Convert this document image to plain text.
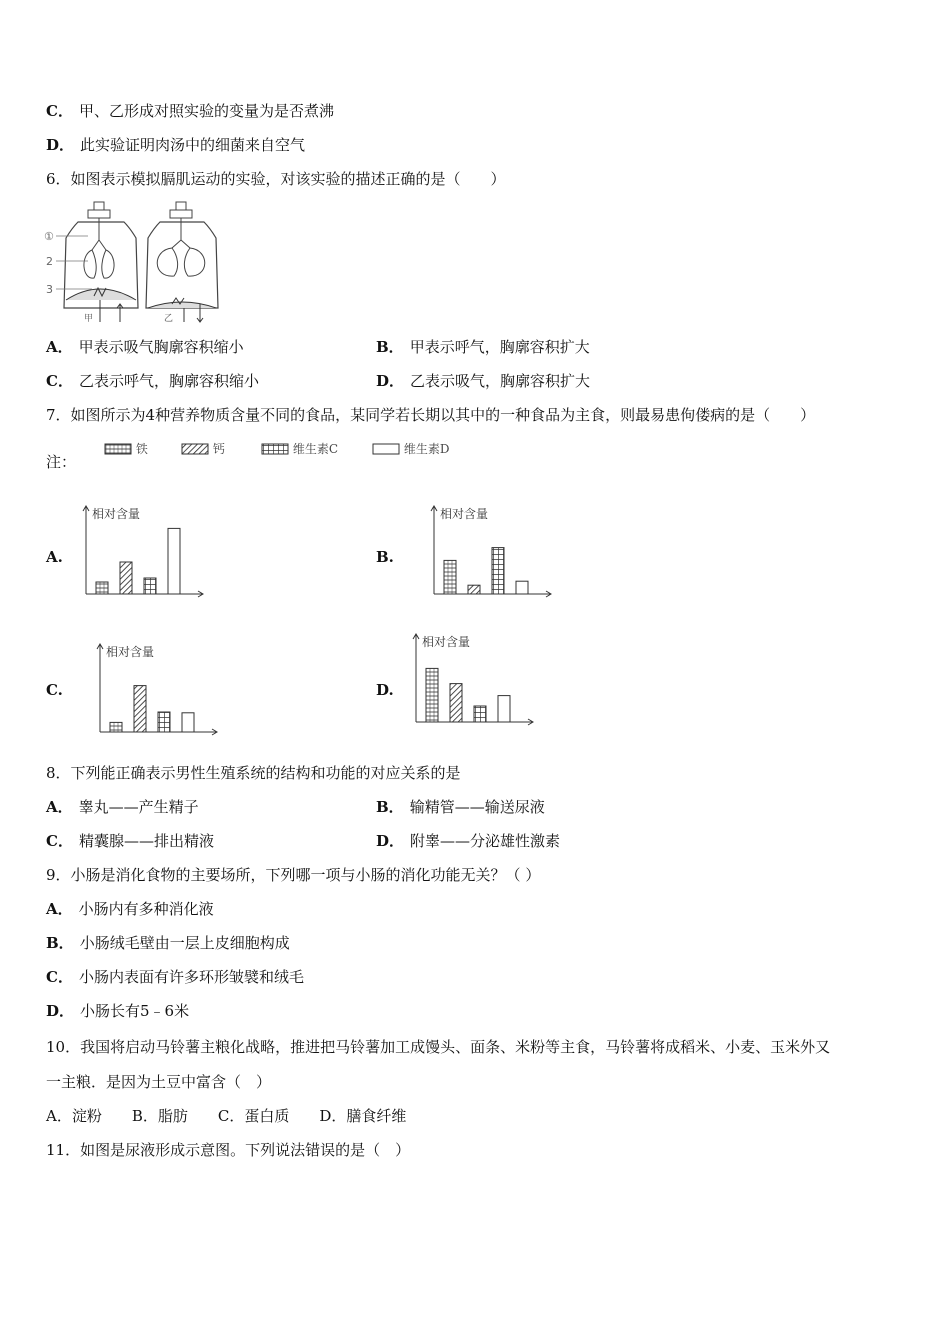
C． 甲、乙形成对照实验的变量为是否煮沸
D． 此实验证明肉汤中的细菌来自空气
6．如图表示模拟膈肌运动的实验，对该实验的描述正确的是（　　）
甲	乙
①
2
3
A． 甲表示吸气胸廓容积缩小	B． 甲表示呼气，胸廓容积扩大
C． 乙表示呼气，胸廓容积缩小	D． 乙表示吸气，胸廓容积扩大
7．如图所示为4种营养物质含量不同的食品，某同学若长期以其中的一种食品为主食，则最易患佝偻病的是（　　）
注：
铁	钙	维生素C	维生素D
A.	B.
C.	D.
相对含量	相对含量
相对含量
相对含量
8．下列能正确表示男性生殖系统的结构和功能的对应关系的是
A． 睾丸——产生精子	B． 输精管——输送尿液
C． 精囊腺——排出精液	D． 附睾——分泌雄性激素
9．小肠是消化食物的主要场所，下列哪一项与小肠的消化功能无关？（ ）
A． 小肠内有多种消化液
B． 小肠绒毛壁由一层上皮细胞构成
C． 小肠内表面有许多环形皱襞和绒毛
D． 小肠长有5﹣6米
10．我国将启动马铃薯主粮化战略，推进把马铃薯加工成馒头、面条、米粉等主食，马铃薯将成稻米、小麦、玉米外又
一主粮．是因为土豆中富含（　）
A．淀粉　　B．脂肪　　C．蛋白质　　D．膳食纤维
11．如图是尿液形成示意图。下列说法错误的是（　）
